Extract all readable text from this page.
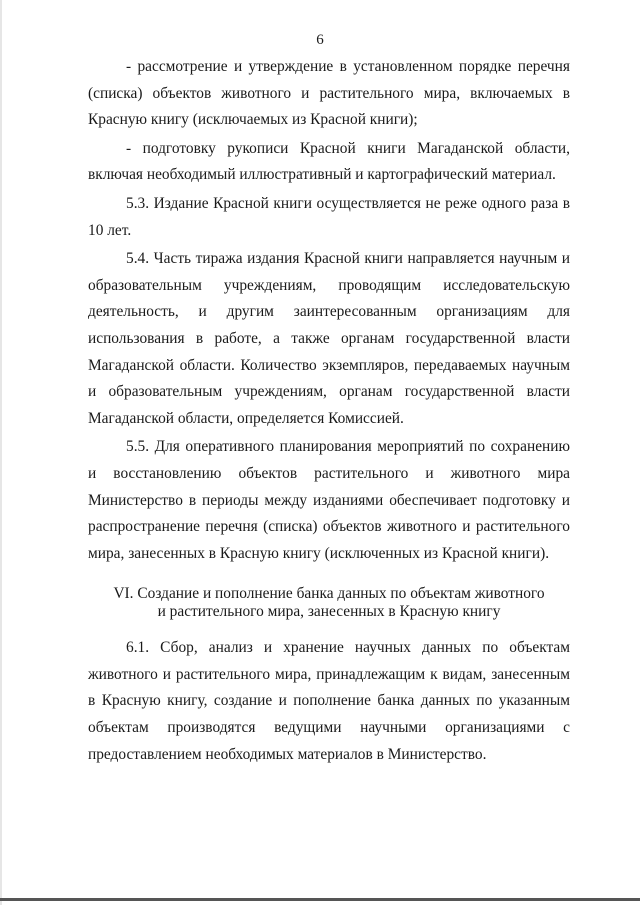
6

- рассмотрение и утверждение в установленном порядке перечня (списка) объектов животного и растительного мира, включаемых в Красную книгу (исключаемых из Красной книги);

- подготовку рукописи Красной книги Магаданской области, включая необходимый иллюстративный и картографический материал.

5.3. Издание Красной книги осуществляется не реже одного раза в 10 лет.

5.4. Часть тиража издания Красной книги направляется научным и образовательным учреждениям, проводящим исследовательскую деятельность, и другим заинтересованным организациям для использования в работе, а также органам государственной власти Магаданской области. Количество экземпляров, передаваемых научным и образовательным учреждениям, органам государственной власти Магаданской области, определяется Комиссией.

5.5. Для оперативного планирования мероприятий по сохранению и восстановлению объектов растительного и животного мира Министерство в периоды между изданиями обеспечивает подготовку и распространение перечня (списка) объектов животного и растительного мира, занесенных в Красную книгу (исключенных из Красной книги).

VI. Создание и пополнение банка данных по объектам животного
и растительного мира, занесенных в Красную книгу

6.1. Сбор, анализ и хранение научных данных по объектам животного и растительного мира, принадлежащим к видам, занесенным в Красную книгу, создание и пополнение банка данных по указанным объектам производятся ведущими научными организациями с предоставлением необходимых материалов в Министерство.
